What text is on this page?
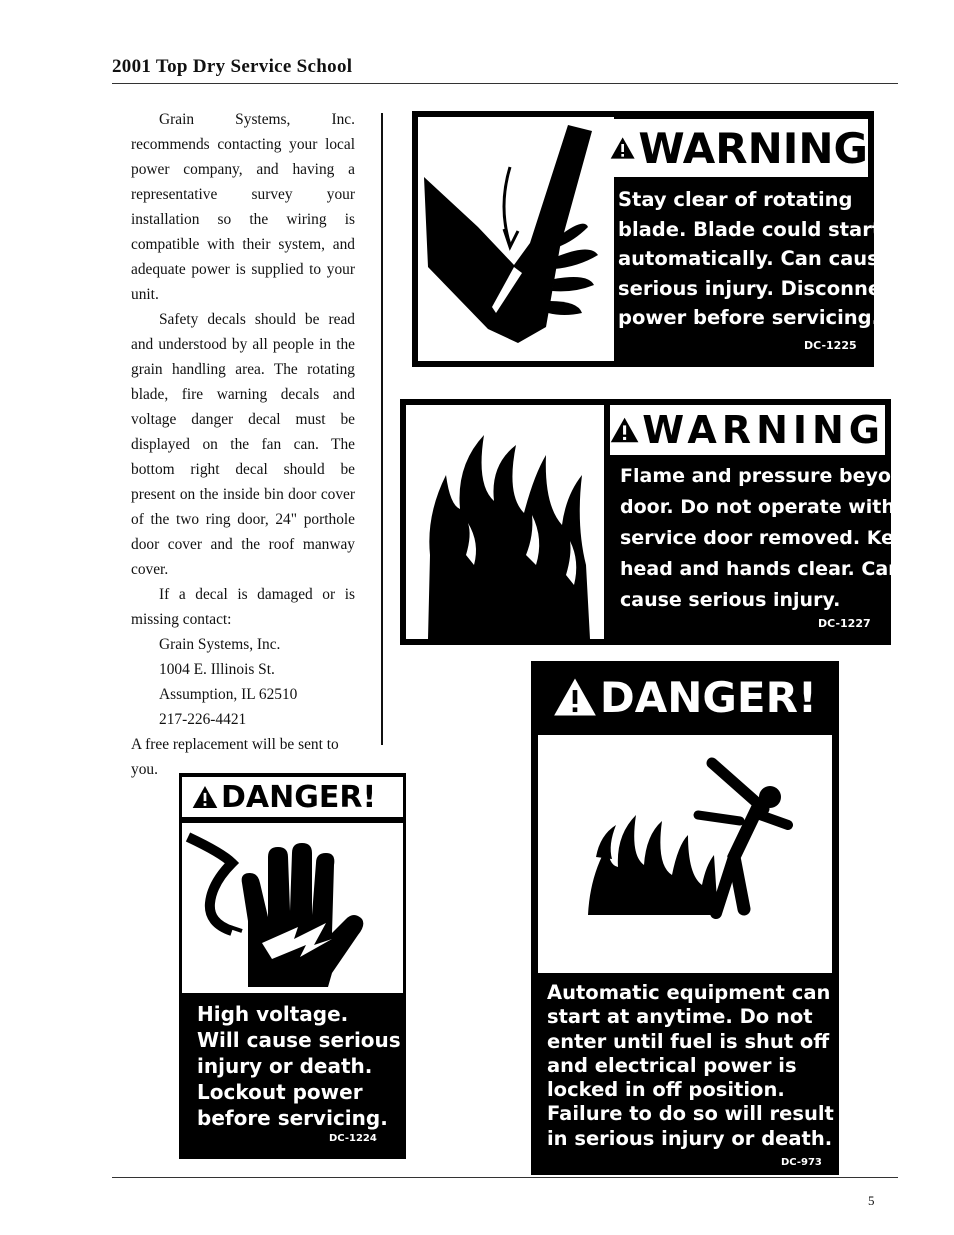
2001 Top Dry Service School

Grain Systems, Inc. recommends contacting your local power company, and having a representative survey your installation so the wiring is compatible with their system, and adequate power is supplied to your unit.

Safety decals should be read and understood by all people in the grain handling area. The rotating blade, fire warning decals and voltage danger decal must be displayed on the fan can. The bottom right decal should be present on the inside bin door cover of the two ring door, 24" porthole door cover and the roof manway cover.

If a decal is damaged or is missing contact:

Grain Systems, Inc.

1004 E. Illinois St.

Assumption, IL 62510

217-226-4421

A free replacement will be sent to you.

WARNING
Stay clear of rotating
blade. Blade could start
automatically. Can cause
serious injury. Disconnect
power before servicing.
DC-1225
WARNING
Flame and pressure beyond
door. Do not operate with
service door removed. Keep
head and hands clear. Can
cause serious injury.
DC-1227
DANGER!
High voltage.
Will cause serious
injury or death.
Lockout power
before servicing.
DC-1224
DANGER!
Automatic equipment can
start at anytime. Do not
enter until fuel is shut off
and electrical power is
locked in off position.
Failure to do so will result
in serious injury or death.
DC-973
5
